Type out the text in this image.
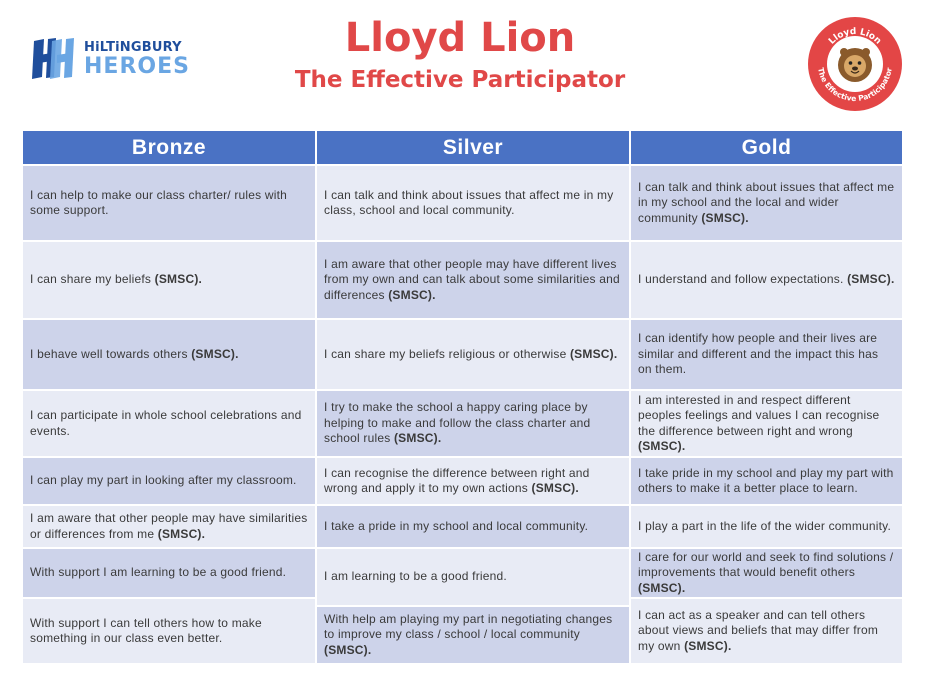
HiLTiNGBURY
HEROES
Lloyd Lion
The Effective Participator
Lloyd Lion
The Effective Participator
Bronze	Silver	Gold
I can help to make our class charter/ rules with some support.
I can share my beliefs (SMSC).
I behave well towards others (SMSC).
I can participate in whole school celebrations and events.
I can play my part in looking after my classroom.
I am aware that other people may have similarities or differences from me (SMSC).
With support I am learning to be a good friend.
With support I can tell others how to make something in our class even better.
I can talk and think about issues that affect me in my class, school and local community.
I am aware that other people may have different lives from my own and can talk about some similarities and differences (SMSC).
I can share my beliefs religious or otherwise (SMSC).
I try to make the school a happy caring place by helping to make and follow the class charter and school rules (SMSC).
I can recognise the difference between right and wrong and apply it to my own actions (SMSC).
I take a pride in my school and local community.
I am learning to be a good friend.
With help am playing my part in negotiating changes to improve my class / school / local community (SMSC).
I can talk and think about issues that affect me in my school and the local and wider community (SMSC).
I understand and follow expectations. (SMSC).
I can identify how people and their lives are similar and different and the impact this has on them.
I am interested in and respect different peoples feelings and values I can recognise the difference between right and wrong (SMSC).
I take pride in my school and play my part with others to make it a better place to learn.
I play a part in the life of the wider community.
I care for our world and seek to find solutions / improvements that would benefit others (SMSC).
I can act as a speaker and can tell others about views and beliefs that may differ from my own (SMSC).
